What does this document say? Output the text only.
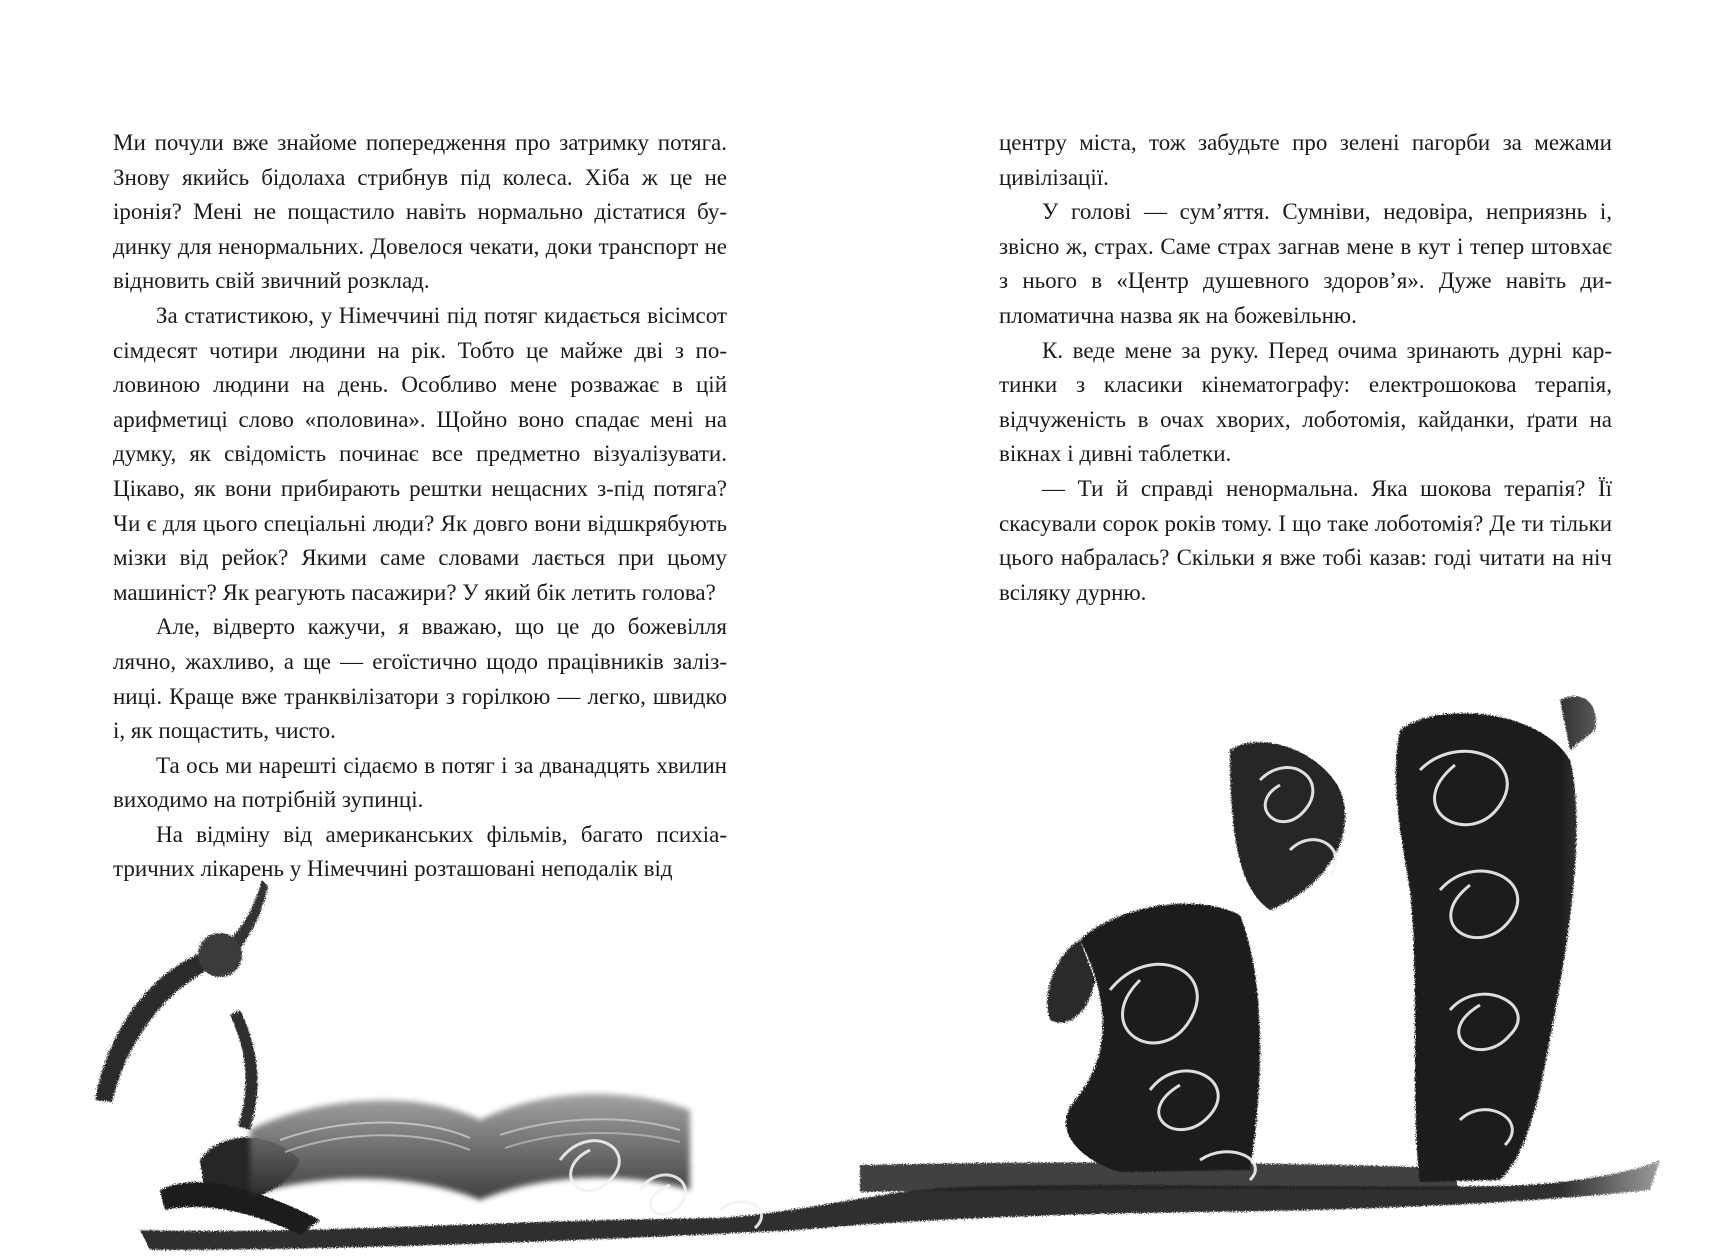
Ми почули вже знайоме попередження про затримку потяга. Знову якийсь бідолаха стрибнув під колеса. Хіба ж це не іронія? Мені не пощастило навіть нормально дістатися будинку для ненормальних. Довелося чекати, доки транспорт не відновить свій звичний розклад.

За статистикою, у Німеччині під потяг кидається вісімсот сімдесят чотири людини на рік. Тобто це майже дві з половиною людини на день. Особливо мене розважає в цій арифметиці слово «половина». Щойно воно спадає мені на думку, як свідомість починає все предметно візуалізувати. Цікаво, як вони прибирають рештки нещасних з-під потяга? Чи є для цього спеціальні люди? Як довго вони відшкрябують мізки від рейок? Якими саме словами лається при цьому машиніст? Як реагують пасажири? У який бік летить голова?

Але, відверто кажучи, я вважаю, що це до божевілля лячно, жахливо, а ще — егоїстично щодо працівників залізниці. Краще вже транквілізатори з горілкою — легко, швидко і, як пощастить, чисто.

Та ось ми нарешті сідаємо в потяг і за дванадцять хвилин виходимо на потрібній зупинці.

На відміну від американських фільмів, багато психіатричних лікарень у Німеччині розташовані неподалік від

центру міста, тож забудьте про зелені пагорби за межами цивілізації.

У голові — сум’яття. Сумніви, недовіра, неприязнь і, звісно ж, страх. Саме страх загнав мене в кут і тепер штовхає з нього в «Центр душевного здоров’я». Дуже навіть дипломатична назва як на божевільню.

К. веде мене за руку. Перед очима зринають дурні картинки з класики кінематографу: електрошокова терапія, відчуженість в очах хворих, лоботомія, кайданки, ґрати на вікнах і дивні таблетки.

— Ти й справді ненормальна. Яка шокова терапія? Її скасували сорок років тому. І що таке лоботомія? Де ти тільки цього набралась? Скільки я вже тобі казав: годі читати на ніч всіляку дурню.
